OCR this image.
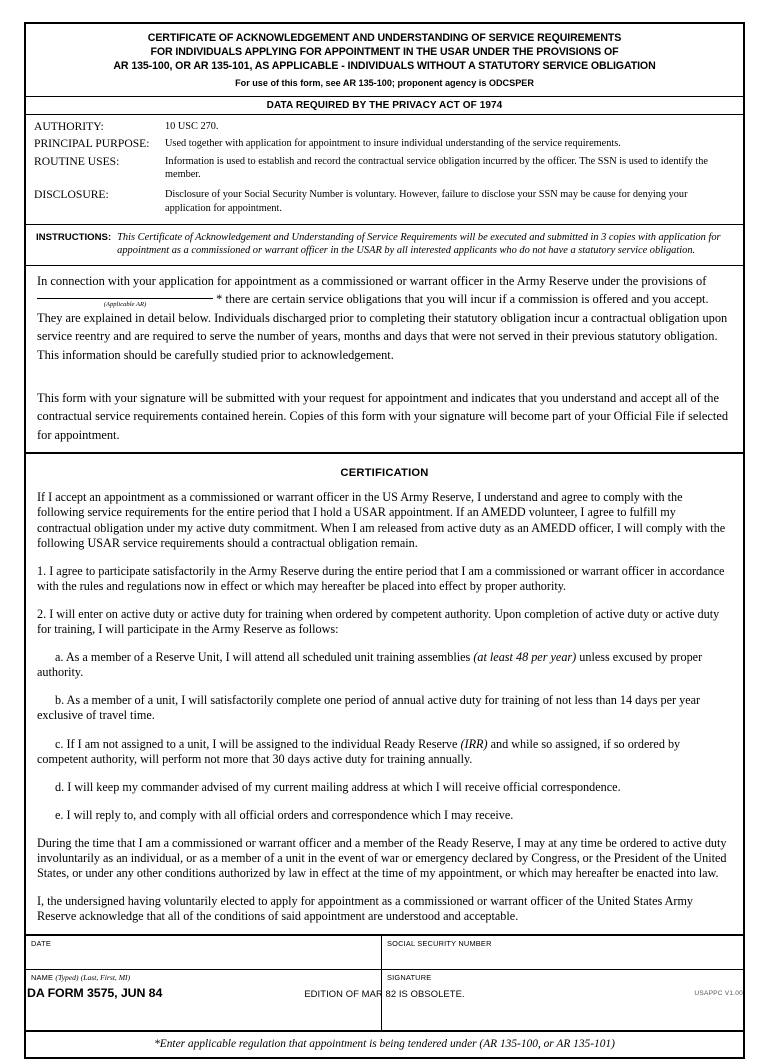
CERTIFICATE OF ACKNOWLEDGEMENT AND UNDERSTANDING OF SERVICE REQUIREMENTS
FOR INDIVIDUALS APPLYING FOR APPOINTMENT IN THE USAR UNDER THE PROVISIONS OF
AR 135-100, OR AR 135-101, AS APPLICABLE - INDIVIDUALS WITHOUT A STATUTORY SERVICE OBLIGATION
For use of this form, see AR 135-100; proponent agency is ODCSPER
DATA REQUIRED BY THE PRIVACY ACT OF 1974
AUTHORITY:	10 USC 270.
PRINCIPAL PURPOSE:	Used together with application for appointment to insure individual understanding of the service requirements.
ROUTINE USES:	Information is used to establish and record the contractual service obligation incurred by the officer. The SSN is used to identify the member.
DISCLOSURE:	Disclosure of your Social Security Number is voluntary. However, failure to disclose your SSN may be cause for denying your application for appointment.
INSTRUCTIONS: This Certificate of Acknowledgement and Understanding of Service Requirements will be executed and submitted in 3 copies with application for appointment as a commissioned or warrant officer in the USAR by all interested applicants who do not have a statutory service obligation.

In connection with your application for appointment as a commissioned or warrant officer in the Army Reserve under the provisions of
(Applicable AR)	* there are certain service obligations that you will incur if a commission is offered and you accept. They are explained in detail below. Individuals discharged prior to completing their statutory obligation incur a contractual obligation upon service reentry and are required to serve the number of years, months and days that were not served in their previous statutory obligation. This information should be carefully studied prior to acknowledgement.

This form with your signature will be submitted with your request for appointment and indicates that you understand and accept all of the contractual service requirements contained herein. Copies of this form with your signature will become part of your Official File if selected for appointment.

CERTIFICATION

If I accept an appointment as a commissioned or warrant officer in the US Army Reserve, I understand and agree to comply with the following service requirements for the entire period that I hold a USAR appointment. If an AMEDD volunteer, I agree to fulfill my contractual obligation under my active duty commitment. When I am released from active duty as an AMEDD officer, I will comply with the following USAR service requirements should a contractual obligation remain.

1. I agree to participate satisfactorily in the Army Reserve during the entire period that I am a commissioned or warrant officer in accordance with the rules and regulations now in effect or which may hereafter be placed into effect by proper authority.

2. I will enter on active duty or active duty for training when ordered by competent authority. Upon completion of active duty or active duty for training, I will participate in the Army Reserve as follows:

a. As a member of a Reserve Unit, I will attend all scheduled unit training assemblies (at least 48 per year) unless excused by proper authority.

b. As a member of a unit, I will satisfactorily complete one period of annual active duty for training of not less than 14 days per year exclusive of travel time.

c. If I am not assigned to a unit, I will be assigned to the individual Ready Reserve (IRR) and while so assigned, if so ordered by competent authority, will perform not more that 30 days active duty for training annually.

d. I will keep my commander advised of my current mailing address at which I will receive official correspondence.

e. I will reply to, and comply with all official orders and correspondence which I may receive.

During the time that I am a commissioned or warrant officer and a member of the Ready Reserve, I may at any time be ordered to active duty involuntarily as an individual, or as a member of a unit in the event of war or emergency declared by Congress, or the President of the United States, or under any other conditions authorized by law in effect at the time of my appointment, or which may hereafter be enacted into law.

I, the undersigned having voluntarily elected to apply for appointment as a commissioned or warrant officer of the United States Army Reserve acknowledge that all of the conditions of said appointment are understood and acceptable.

DATE	SOCIAL SECURITY NUMBER
NAME (Typed) (Last, First, MI)	SIGNATURE
*Enter applicable regulation that appointment is being tendered under (AR 135-100, or AR 135-101)
DA FORM 3575, JUN 84	EDITION OF MAR 82 IS OBSOLETE.	USAPPC V1.00
